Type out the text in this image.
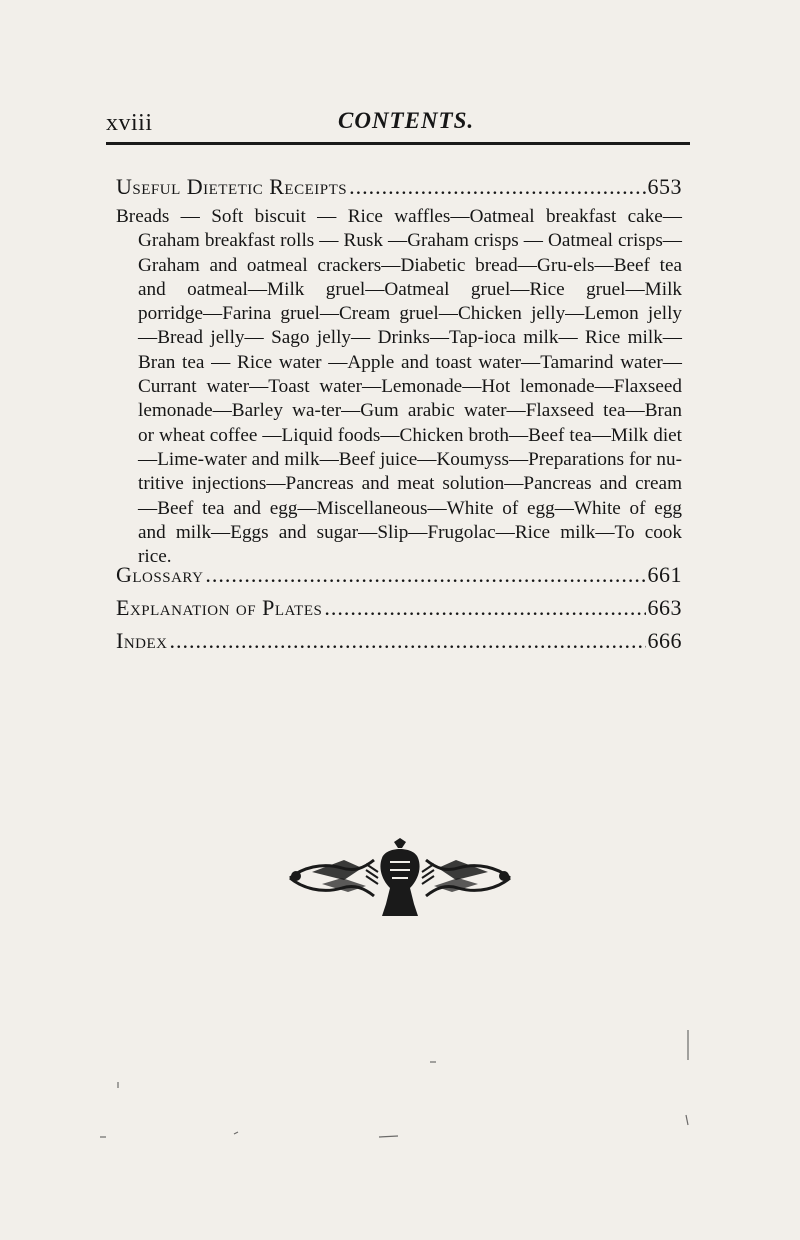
xviii	CONTENTS.
Useful Dietetic Receipts .....	653

Breads — Soft biscuit — Rice waffles—Oatmeal breakfast cake—Graham breakfast rolls — Rusk —Graham crisps — Oatmeal crisps—Graham and oatmeal crackers—Diabetic bread—Gru-els—Beef tea and oatmeal—Milk gruel—Oatmeal gruel—Rice gruel—Milk porridge—Farina gruel—Cream gruel—Chicken jelly—Lemon jelly—Bread jelly— Sago jelly— Drinks—Tap-ioca milk— Rice milk— Bran tea — Rice water —Apple and toast water—Tamarind water—Currant water—Toast water—Lemonade—Hot lemonade—Flaxseed lemonade—Barley wa-ter—Gum arabic water—Flaxseed tea—Bran or wheat coffee —Liquid foods—Chicken broth—Beef tea—Milk diet—Lime-water and milk—Beef juice—Koumyss—Preparations for nu-tritive injections—Pancreas and meat solution—Pancreas and cream—Beef tea and egg—Miscellaneous—White of egg—White of egg and milk—Eggs and sugar—Slip—Frugolac—Rice milk—To cook rice.

Glossary .....	661
Explanation of Plates .....	663
Index .....	666
